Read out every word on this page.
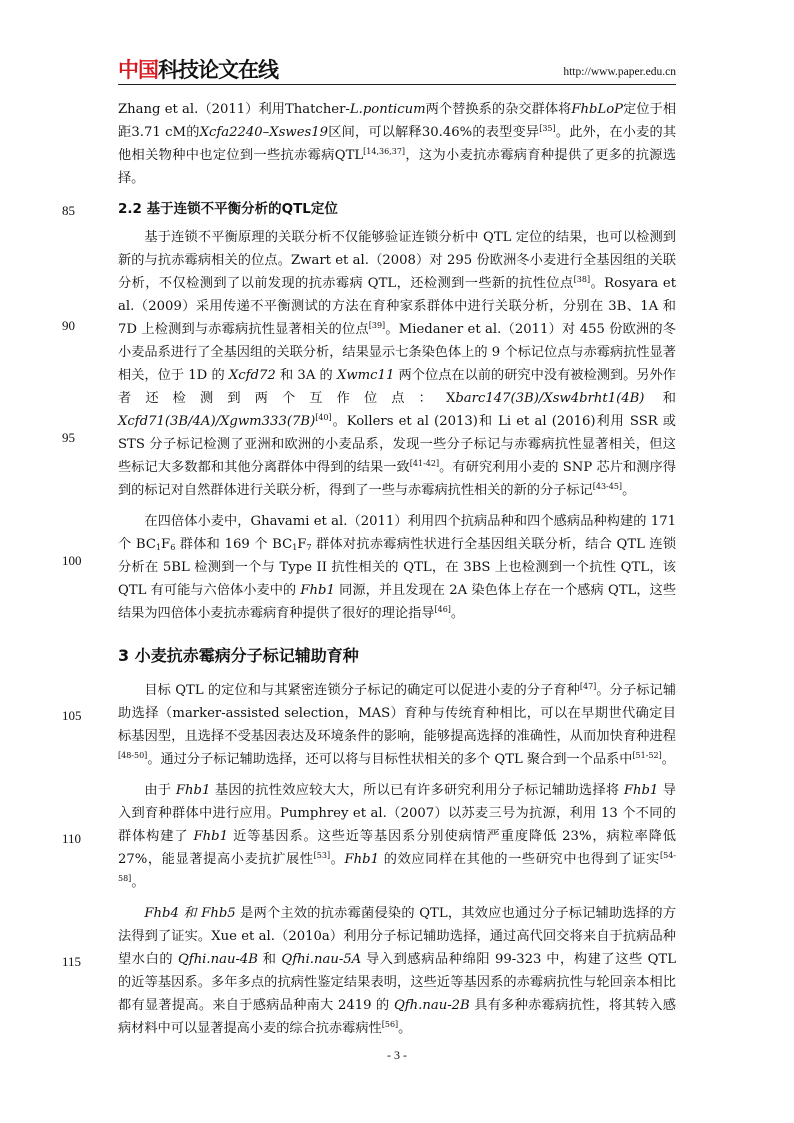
中国科技论文在线	http://www.paper.edu.cn
85
90
95
100
105
110
115

Zhang et al.（2011）利用Thatcher-L.ponticum两个替换系的杂交群体将FhbLoP定位于相距3.71 cM的Xcfa2240–Xswes19区间，可以解释30.46%的表型变异[35]。此外，在小麦的其他相关物种中也定位到一些抗赤霉病QTL[14,36,37]，这为小麦抗赤霉病育种提供了更多的抗源选择。

2.2 基于连锁不平衡分析的QTL定位

基于连锁不平衡原理的关联分析不仅能够验证连锁分析中 QTL 定位的结果，也可以检测到新的与抗赤霉病相关的位点。Zwart et al.（2008）对 295 份欧洲冬小麦进行全基因组的关联分析，不仅检测到了以前发现的抗赤霉病 QTL，还检测到一些新的抗性位点[38]。Rosyara et al.（2009）采用传递不平衡测试的方法在育种家系群体中进行关联分析，分别在 3B、1A 和 7D 上检测到与赤霉病抗性显著相关的位点[39]。Miedaner et al.（2011）对 455 份欧洲的冬小麦品系进行了全基因组的关联分析，结果显示七条染色体上的 9 个标记位点与赤霉病抗性显著相关，位于 1D 的 Xcfd72 和 3A 的 Xwmc11 两个位点在以前的研究中没有被检测到。另外作者还检测到两个互作位点：Xbarc147(3B)/Xsw4brht1(4B) 和 Xcfd71(3B/4A)/Xgwm333(7B)[40]。Kollers et al (2013)和 Li et al (2016)利用 SSR 或 STS 分子标记检测了亚洲和欧洲的小麦品系，发现一些分子标记与赤霉病抗性显著相关，但这些标记大多数都和其他分离群体中得到的结果一致[41-42]。有研究利用小麦的 SNP 芯片和测序得到的标记对自然群体进行关联分析，得到了一些与赤霉病抗性相关的新的分子标记[43-45]。

在四倍体小麦中，Ghavami et al.（2011）利用四个抗病品种和四个感病品种构建的 171 个 $BC_1F_6$ 群体和 169 个 $BC_1F_7$ 群体对抗赤霉病性状进行全基因组关联分析，结合 QTL 连锁分析在 5BL 检测到一个与 Type II 抗性相关的 QTL，在 3BS 上也检测到一个抗性 QTL，该 QTL 有可能与六倍体小麦中的 Fhb1 同源，并且发现在 2A 染色体上存在一个感病 QTL，这些结果为四倍体小麦抗赤霉病育种提供了很好的理论指导[46]。

3 小麦抗赤霉病分子标记辅助育种

目标 QTL 的定位和与其紧密连锁分子标记的确定可以促进小麦的分子育种[47]。分子标记辅助选择（marker-assisted selection，MAS）育种与传统育种相比，可以在早期世代确定目标基因型，且选择不受基因表达及环境条件的影响，能够提高选择的准确性，从而加快育种进程[48-50]。通过分子标记辅助选择，还可以将与目标性状相关的多个 QTL 聚合到一个品系中[51-52]。

由于 Fhb1 基因的抗性效应较大大，所以已有许多研究利用分子标记辅助选择将 Fhb1 导入到育种群体中进行应用。Pumphrey et al.（2007）以苏麦三号为抗源，利用 13 个不同的群体构建了 Fhb1 近等基因系。这些近等基因系分别使病情严重度降低 23%，病粒率降低 27%，能显著提高小麦抗扩展性[53]。Fhb1 的效应同样在其他的一些研究中也得到了证实[54-58]。

Fhb4 和 Fhb5 是两个主效的抗赤霉菌侵染的 QTL，其效应也通过分子标记辅助选择的方法得到了证实。Xue et al.（2010a）利用分子标记辅助选择，通过高代回交将来自于抗病品种望水白的 Qfhi.nau-4B 和 Qfhi.nau-5A 导入到感病品种绵阳 99-323 中，构建了这些 QTL 的近等基因系。多年多点的抗病性鉴定结果表明，这些近等基因系的赤霉病抗性与轮回亲本相比都有显著提高。来自于感病品种南大 2419 的 Qfh.nau-2B 具有多种赤霉病抗性，将其转入感病材料中可以显著提高小麦的综合抗赤霉病性[56]。

- 3 -
